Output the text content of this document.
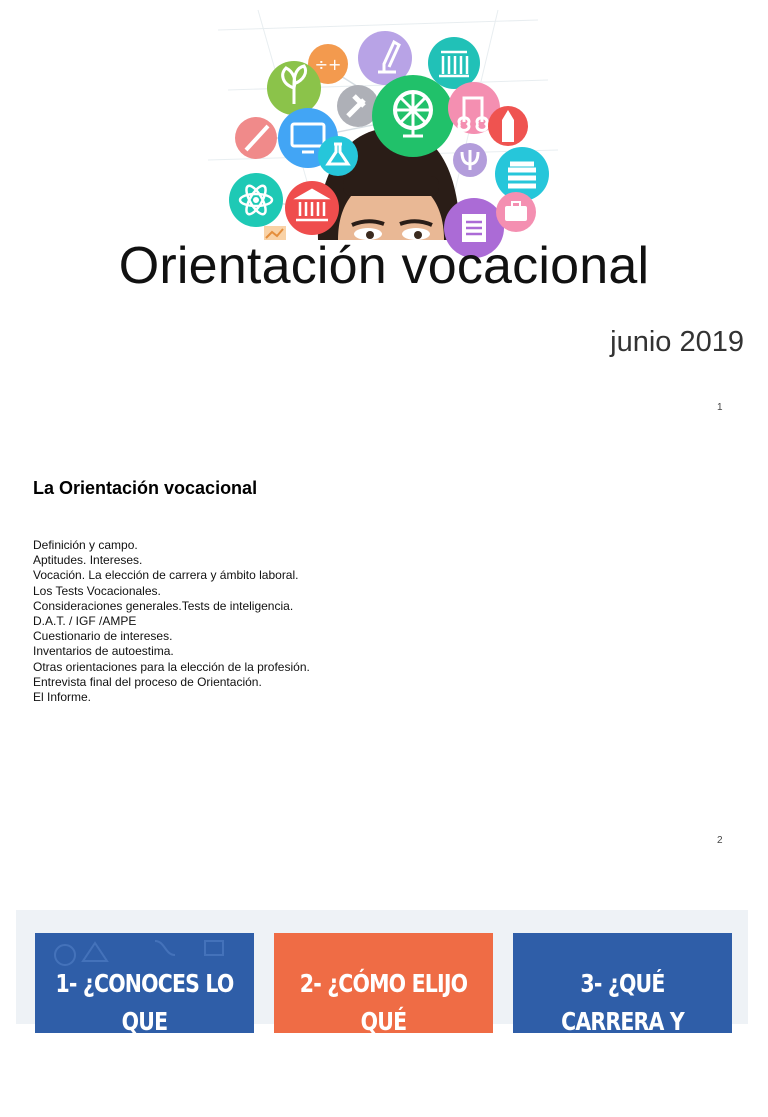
÷+
Orientación vocacional
junio 2019
1
La Orientación vocacional
Definición y campo.
Aptitudes. Intereses.
Vocación. La elección de carrera y ámbito laboral.
Los Tests Vocacionales.
Consideraciones generales.Tests de inteligencia.
D.A.T. / IGF /AMPE
Cuestionario de intereses.
Inventarios de autoestima.
Otras orientaciones para la elección de la profesión.
Entrevista final del proceso de Orientación.
El Informe.
2
1- ¿CONOCES LO QUE
TE GUSTA HACER?
2- ¿CÓMO ELIJO QUÉ
ESTUDIAR?
3- ¿QUÉ CARRERA Y
DÓNDE?
